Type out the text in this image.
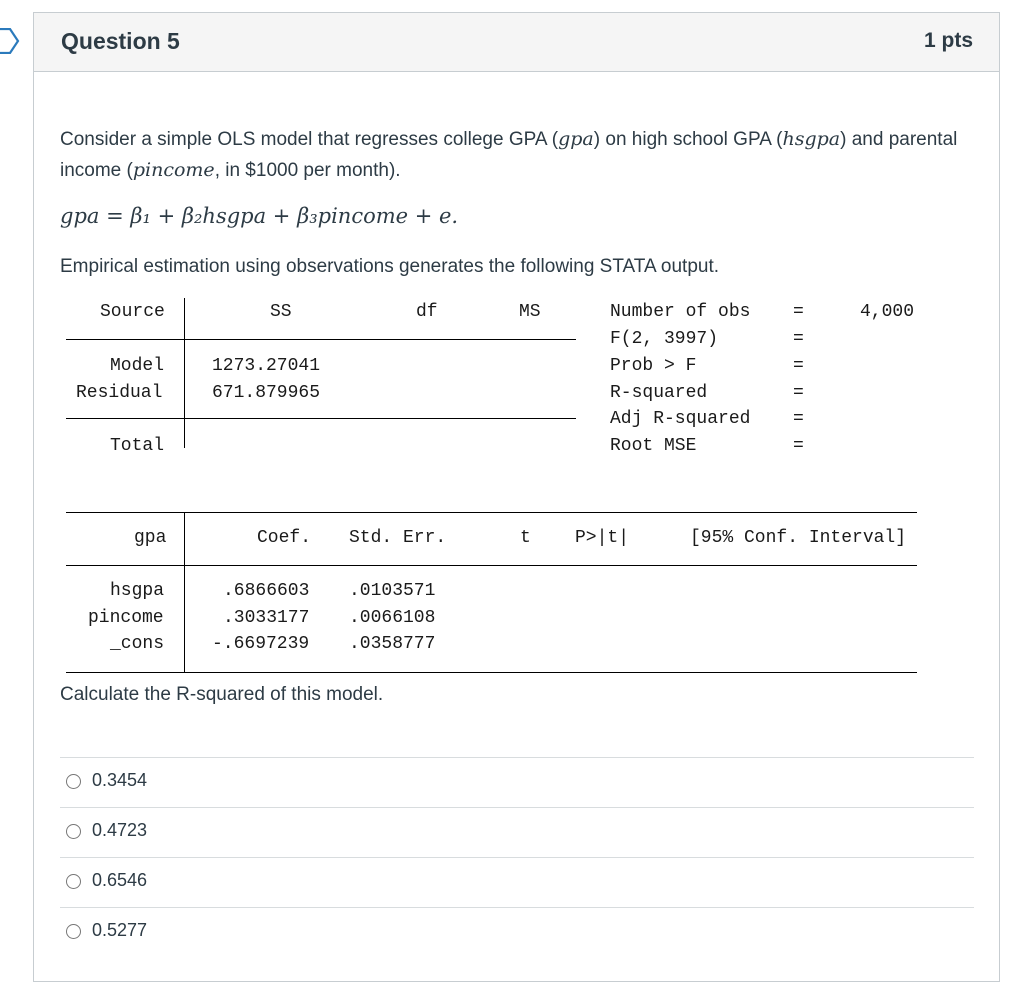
Question 5	1 pts
Consider a simple OLS model that regresses college GPA (gpa) on high school GPA (hsgpa) and parental income (pincome, in $1000 per month).
gpa = β₁ + β₂hsgpa + β₃pincome + e.
Empirical estimation using observations generates the following STATA output.
Source	SS	df	MS
Model	1273.27041
Residual	671.879965
Total
Number of obs =	4,000
F(2, 3997)	=
Prob > F	=
R-squared	=
Adj R-squared =
Root MSE	=
gpa	Coef. Std. Err.	t P>|t|	[95% Conf. Interval]
hsgpa	.6866603 .0103571
pincome	.3033177 .0066108
_cons	-.6697239 .0358777
Calculate the R-squared of this model.
0.3454
0.4723
0.6546
0.5277
